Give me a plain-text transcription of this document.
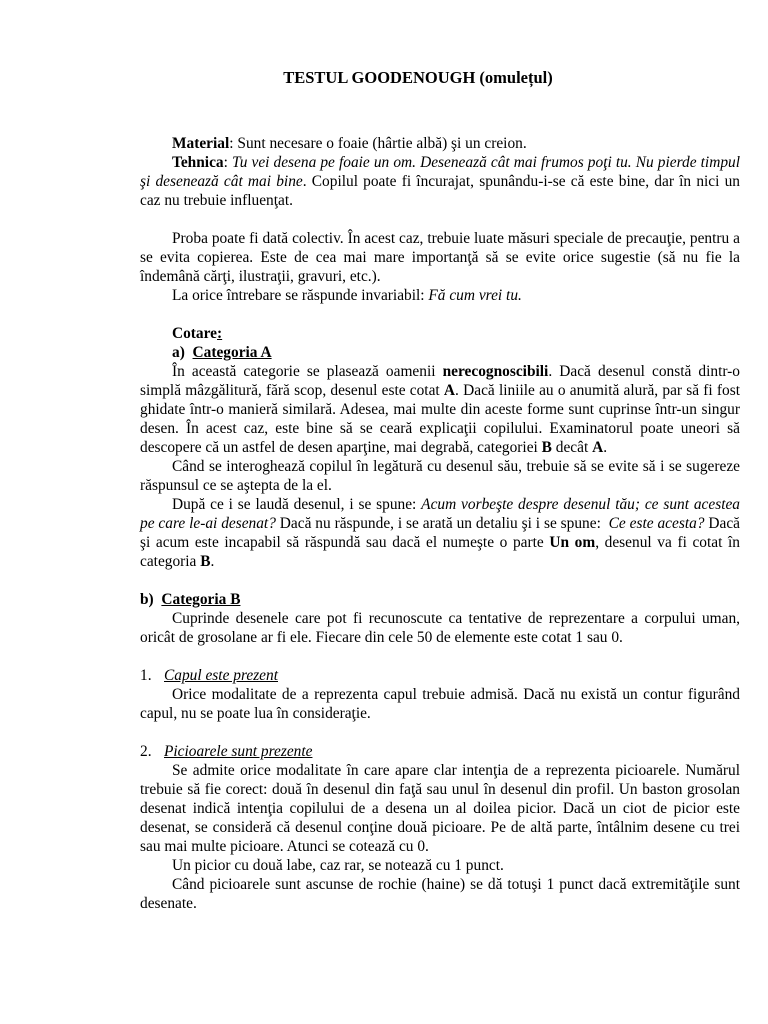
TESTUL GOODENOUGH (omulețul)

Material: Sunt necesare o foaie (hârtie albă) şi un creion.

Tehnica: Tu vei desena pe foaie un om. Desenează cât mai frumos poţi tu. Nu pierde timpul şi desenează cât mai bine. Copilul poate fi încurajat, spunându-i-se că este bine, dar în nici un caz nu trebuie influenţat.

Proba poate fi dată colectiv. În acest caz, trebuie luate măsuri speciale de precauţie, pentru a se evita copierea. Este de cea mai mare importanţă să se evite orice sugestie (să nu fie la îndemână cărţi, ilustraţii, gravuri, etc.).

La orice întrebare se răspunde invariabil: Fă cum vrei tu.

Cotare:

a) Categoria A

În această categorie se plasează oamenii nerecognoscibili. Dacă desenul constă dintr-o simplă mâzgălitură, fără scop, desenul este cotat A. Dacă liniile au o anumită alură, par să fi fost ghidate într-o manieră similară. Adesea, mai multe din aceste forme sunt cuprinse într-un singur desen. În acest caz, este bine să se ceară explicaţii copilului. Examinatorul poate uneori să descopere că un astfel de desen aparţine, mai degrabă, categoriei B decât A.

Când se interoghează copilul în legătură cu desenul său, trebuie să se evite să i se sugereze răspunsul ce se aştepta de la el.

După ce i se laudă desenul, i se spune: Acum vorbeşte despre desenul tău; ce sunt acestea pe care le-ai desenat? Dacă nu răspunde, i se arată un detaliu şi i se spune:  Ce este acesta? Dacă şi acum este incapabil să răspundă sau dacă el numeşte o parte Un om, desenul va fi cotat în categoria B.

b) Categoria B

Cuprinde desenele care pot fi recunoscute ca tentative de reprezentare a corpului uman, oricât de grosolane ar fi ele. Fiecare din cele 50 de elemente este cotat 1 sau 0.

1. Capul este prezent

Orice modalitate de a reprezenta capul trebuie admisă. Dacă nu există un contur figurând capul, nu se poate lua în consideraţie.

2. Picioarele sunt prezente

Se admite orice modalitate în care apare clar intenţia de a reprezenta picioarele. Numărul trebuie să fie corect: două în desenul din faţă sau unul în desenul din profil. Un baston grosolan desenat indică intenţia copilului de a desena un al doilea picior. Dacă un ciot de picior este desenat, se consideră că desenul conţine două picioare. Pe de altă parte, întâlnim desene cu trei sau mai multe picioare. Atunci se cotează cu 0.

Un picior cu două labe, caz rar, se notează cu 1 punct.

Când picioarele sunt ascunse de rochie (haine) se dă totuşi 1 punct dacă extremităţile sunt desenate.
